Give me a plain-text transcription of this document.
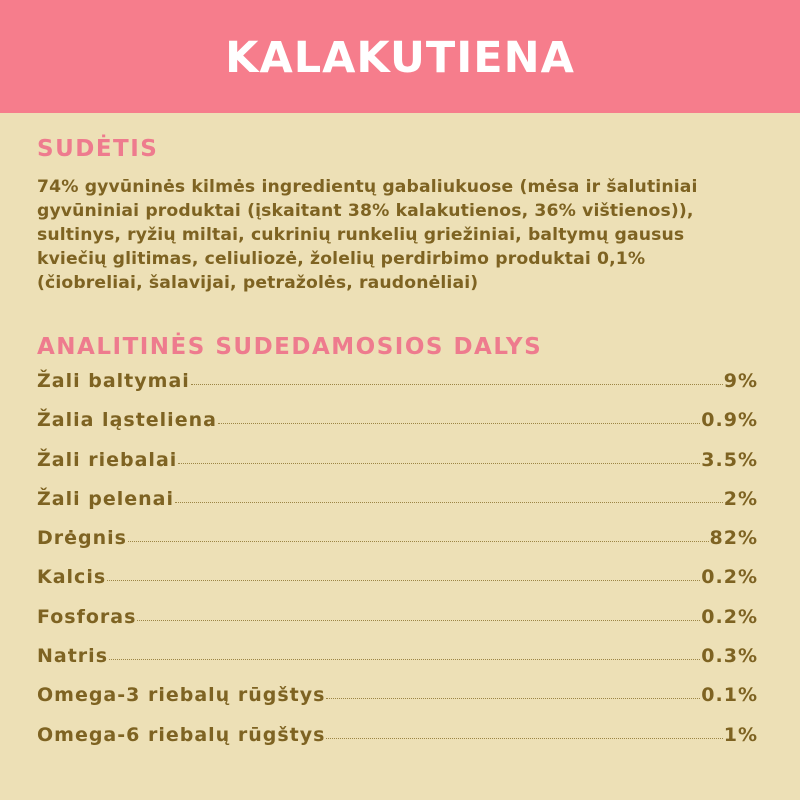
KALAKUTIENA
SUDĖTIS

74% gyvūninės kilmės ingredientų gabaliukuose (mėsa ir šalutiniai
gyvūniniai produktai (įskaitant 38% kalakutienos, 36% vištienos)),
sultinys, ryžių miltai, cukrinių runkelių griežiniai, baltymų gausus
kviečių glitimas, celiuliozė, žolelių perdirbimo produktai 0,1%
(čiobreliai, šalavijai, petražolės, raudonėliai)

ANALITINĖS SUDEDAMOSIOS DALYS
Žali baltymai	9%
Žalia ląsteliena	0.9%
Žali riebalai	3.5%
Žali pelenai	2%
Drėgnis	82%
Kalcis	0.2%
Fosforas	0.2%
Natris	0.3%
Omega-3 riebalų rūgštys	0.1%
Omega-6 riebalų rūgštys	1%
